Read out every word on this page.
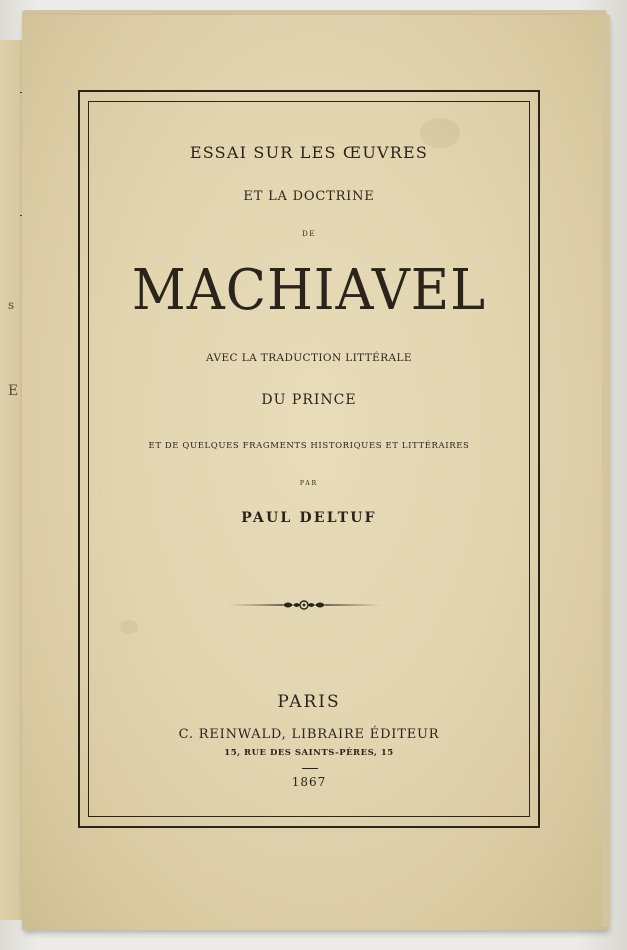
s
E
ESSAI SUR LES ŒUVRES
ET LA DOCTRINE
DE
MACHIAVEL
AVEC LA TRADUCTION LITTÉRALE
DU PRINCE
ET DE QUELQUES FRAGMENTS HISTORIQUES ET LITTÉRAIRES
PAR
PAUL DELTUF
PARIS
C. REINWALD, LIBRAIRE ÉDITEUR
15, RUE DES SAINTS-PÈRES, 15
1867
